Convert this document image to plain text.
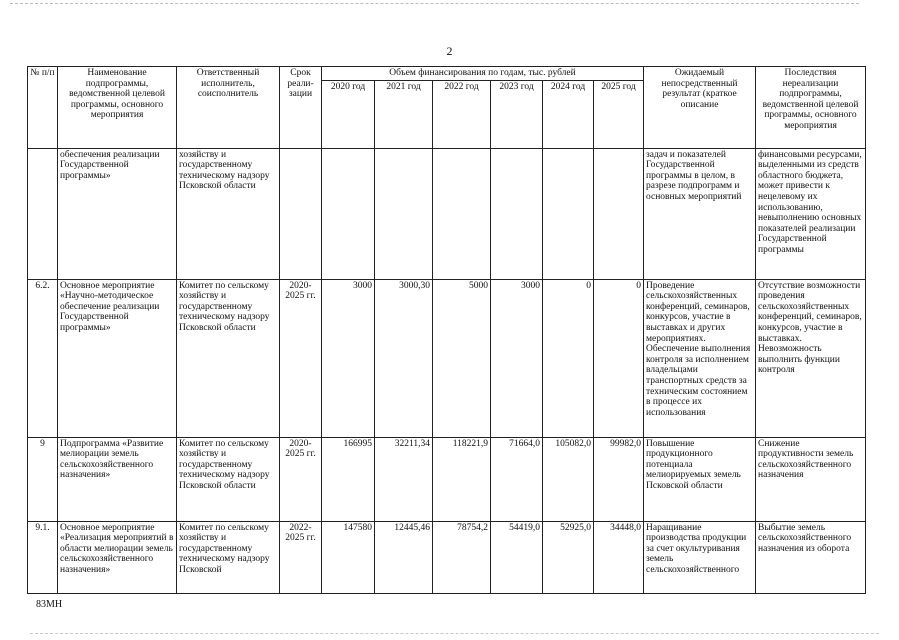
2
№ п/п	Наименование подпрограммы, ведомственной целевой программы, основного мероприятия	Ответственный исполнитель, соисполнитель	Срок реали-зации	Объем финансирования по годам, тыс. рублей						Ожидаемый непосредственный результат (краткое описание	Последствия нереализации подпрограммы, ведомственной целевой программы, основного мероприятия
				2020 год	2021 год	2022 год	2023 год	2024 год	2025 год		
	обеспечения реализации Государственной программы»	хозяйству и государственному техническому надзору Псковской области								задач и показателей Государственной программы в целом, в разрезе подпрограмм и основных мероприятий	финансовыми ресурсами, выделенными из средств областного бюджета, может привести к нецелевому их использованию, невыполнению основных показателей реализации Государственной программы
6.2.	Основное мероприятие «Научно-методическое обеспечение реализации Государственной программы»	Комитет по сельскому хозяйству и государственному техническому надзору Псковской области	2020-2025 гг.	3000	3000,30	5000	3000	0	0	Проведение сельскохозяйственных конференций, семинаров, конкурсов, участие в выставках и других мероприятиях. Обеспечение выполнения контроля за исполнением владельцами транспортных средств за техническим состоянием в процессе их использования	Отсутствие возможности проведения сельскохозяйственных конференций, семинаров, конкурсов, участие в выставках. Невозможность выполнить функции контроля
9	Подпрограмма «Развитие мелиорации земель сельскохозяйственного назначения»	Комитет по сельскому хозяйству и государственному техническому надзору Псковской области	2020-2025 гг.	166995	32211,34	118221,9	71664,0	105082,0	99982,0	Повышение продукционного потенциала мелиорируемых земель Псковской области	Снижение продуктивности земель сельскохозяйственного назначения
9.1.	Основное мероприятие «Реализация мероприятий в области мелиорации земель сельскохозяйственного назначения»	Комитет по сельскому хозяйству и государственному техническому надзору Псковской	2022-2025 гг.	147580	12445,46	78754,2	54419,0	52925,0	34448,0	Наращивание производства продукции за счет окультуривания земель сельскохозяйственного	Выбытие земель сельскохозяйственного назначения из оборота
83МН
